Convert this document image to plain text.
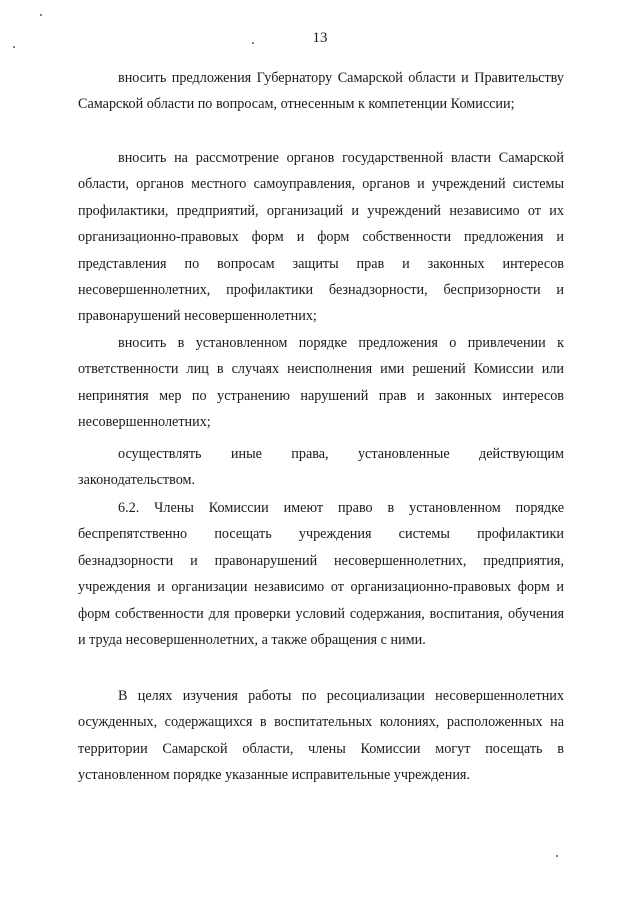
13

вносить предложения Губернатору Самарской области и Правительству Самарской области по вопросам, отнесенным к компетенции Комиссии;

вносить на рассмотрение органов государственной власти Самарской области, органов местного самоуправления, органов и учреждений системы профилактики, предприятий, организаций и учреждений независимо от их организационно-правовых форм и форм собственности предложения и представления по вопросам защиты прав и законных интересов несовершеннолетних, профилактики безнадзорности, беспризорности и правонарушений несовершеннолетних;

вносить в установленном порядке предложения о привлечении к ответственности лиц в случаях неисполнения ими решений Комиссии или непринятия мер по устранению нарушений прав и законных интересов несовершеннолетних;

осуществлять иные права, установленные действующим законодательством.

6.2. Члены Комиссии имеют право в установленном порядке беспрепятственно посещать учреждения системы профилактики безнадзорности и правонарушений несовершеннолетних, предприятия, учреждения и организации независимо от организационно-правовых форм и форм собственности для проверки условий содержания, воспитания, обучения и труда несовершеннолетних, а также обращения с ними.

В целях изучения работы по ресоциализации несовершеннолетних осужденных, содержащихся в воспитательных колониях, расположенных на территории Самарской области, члены Комиссии могут посещать в установленном порядке указанные исправительные учреждения.
